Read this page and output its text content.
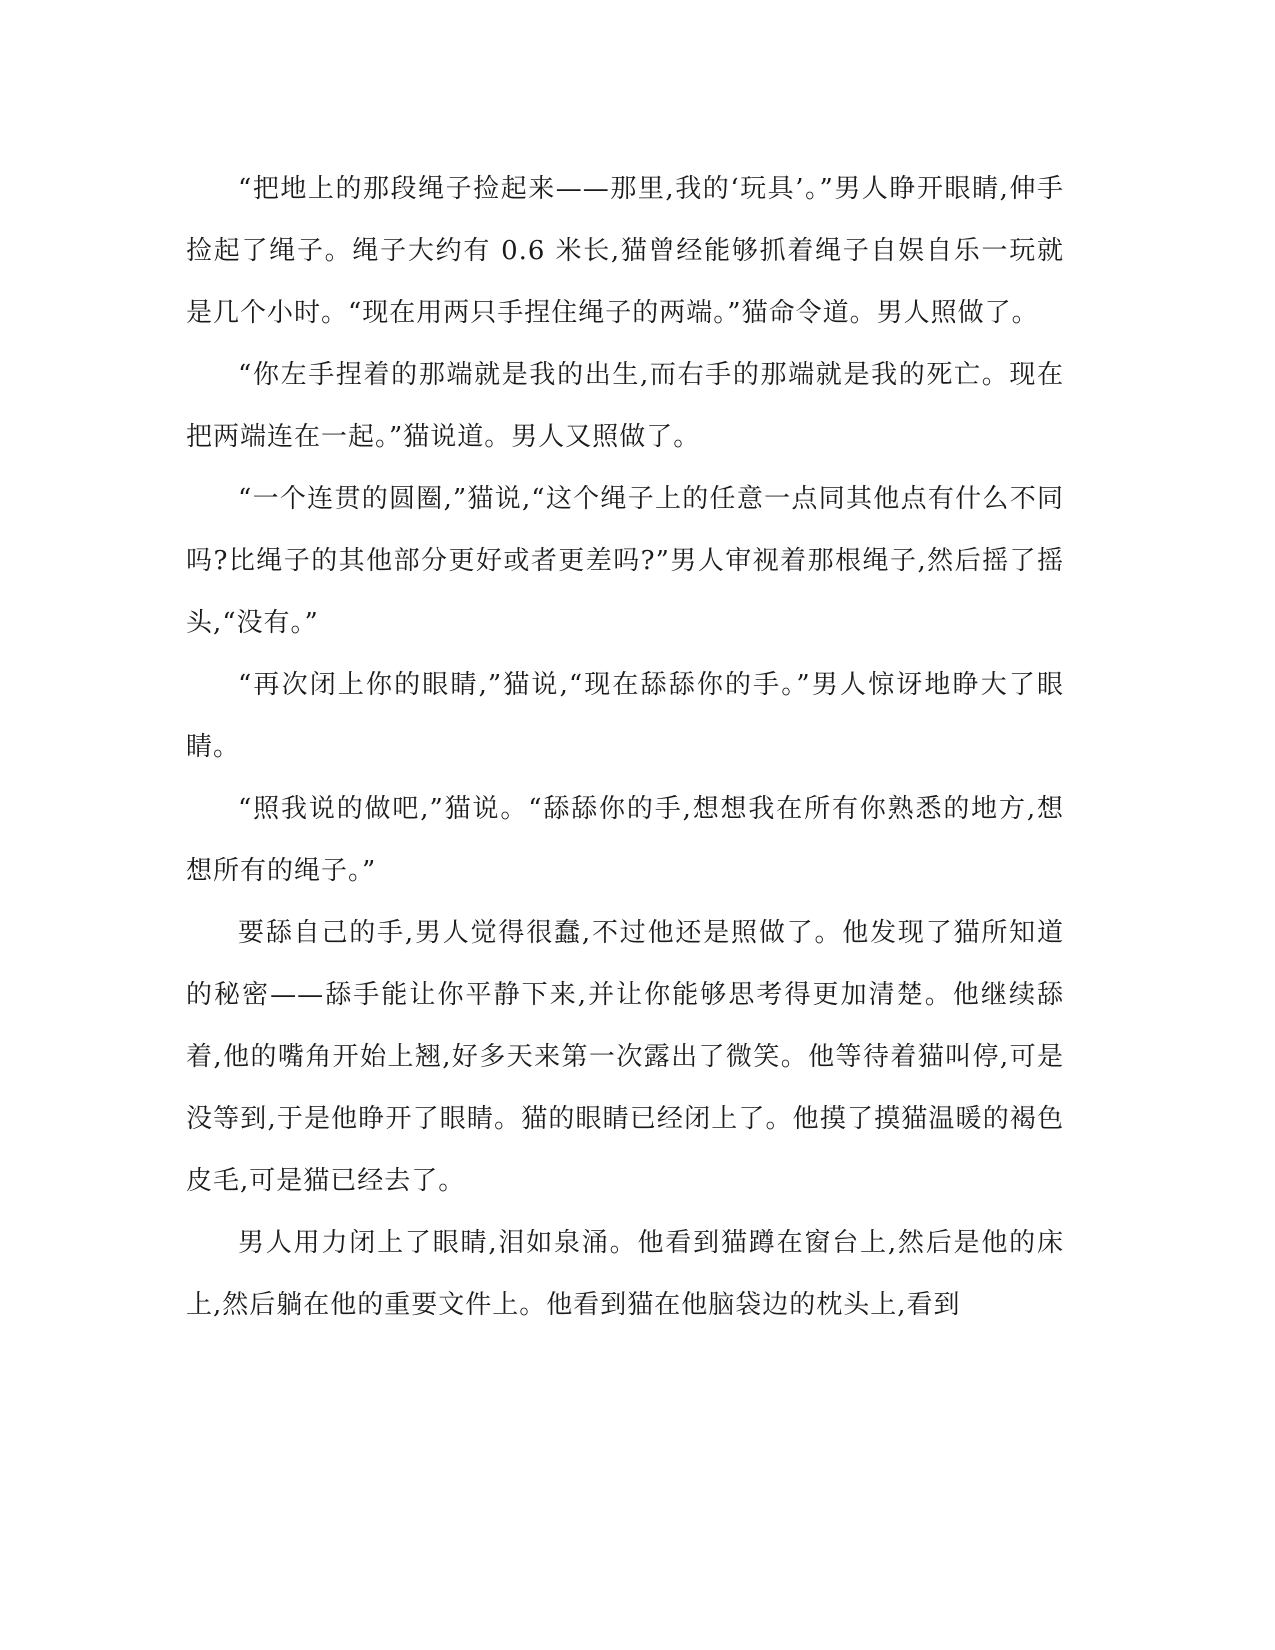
“把地上的那段绳子捡起来——那里,我的‘玩具’。”男人睁开眼睛,伸手捡起了绳子。绳子大约有 0.6 米长,猫曾经能够抓着绳子自娱自乐一玩就是几个小时。“现在用两只手捏住绳子的两端。”猫命令道。男人照做了。

“你左手捏着的那端就是我的出生,而右手的那端就是我的死亡。现在把两端连在一起。”猫说道。男人又照做了。

“一个连贯的圆圈,”猫说,“这个绳子上的任意一点同其他点有什么不同吗?比绳子的其他部分更好或者更差吗?”男人审视着那根绳子,然后摇了摇头,“没有。”

“再次闭上你的眼睛,”猫说,“现在舔舔你的手。”男人惊讶地睁大了眼睛。

“照我说的做吧,”猫说。“舔舔你的手,想想我在所有你熟悉的地方,想想所有的绳子。”

要舔自己的手,男人觉得很蠢,不过他还是照做了。他发现了猫所知道的秘密——舔手能让你平静下来,并让你能够思考得更加清楚。他继续舔着,他的嘴角开始上翘,好多天来第一次露出了微笑。他等待着猫叫停,可是没等到,于是他睁开了眼睛。猫的眼睛已经闭上了。他摸了摸猫温暖的褐色皮毛,可是猫已经去了。

男人用力闭上了眼睛,泪如泉涌。他看到猫蹲在窗台上,然后是他的床上,然后躺在他的重要文件上。他看到猫在他脑袋边的枕头上,看到
